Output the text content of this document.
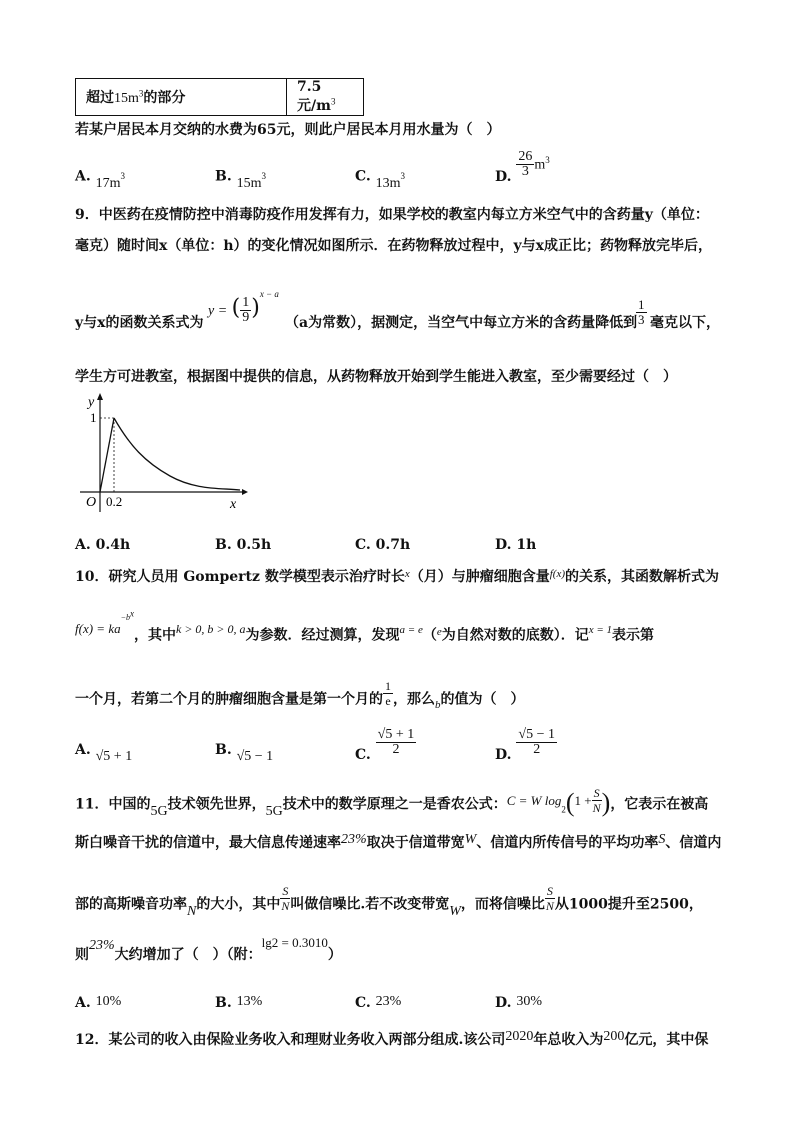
超过$15m^3$的部分	7.5 元$/m^3$
若某户居民本月交纳的水费为65元，则此户居民本月用水量为（　）
A. $17m^3$	B. $15m^3$	C. $13m^3$	D. $\frac{26}{3} m^3$
9．中医药在疫情防控中消毒防疫作用发挥有力，如果学校的教室内每立方米空气中的含药量y（单位：
毫克）随时间x（单位：h）的变化情况如图所示．在药物释放过程中，y与x成正比；药物释放完毕后，
y与x的函数关系式为
y = ( $\frac{1}{9} )^{x - a}$
（a为常数），据测定，当空气中每立方米的含药量降低到
$\frac{1}{3}$ 毫克以下，
学生方可进教室，根据图中提供的信息，从药物释放开始到学生能进入教室，至少需要经过（　）
y
1
O 0.2	x
A. 0.4h	B. 0.5h	C. 0.7h	D. 1h
10．研究人员用 Gompertz 数学模型表示治疗时长$^x$（月）与肿瘤细胞含量$^{f(x)}$的关系，其函数解析式为
$f(x) = ka^{-b^x}$，其中k > 0, b > 0, a为参数．经过测算，发现$^{a = e}$（$^e$为自然对数的底数）．记$^{x = 1}$表示第
一个月，若第二个月的肿瘤细胞含量是第一个月的 $\frac{1}{e}$ ，那么$_b$的值为（　）
A. √5 + 1	B. √5 − 1	C. $\frac{√5 + 1}{2}$	D. $\frac{√5 - 1}{2}$
11．中国的5G技术领先世界，5G技术中的数学原理之一是香农公式：C = W $\log_2(1 + \frac{S}{N}$ )，它表示在被高
斯白噪音干扰的信道中，最大信息传递速率23%取决于信道带宽W、信道内所传信号的平均功率S、信道内
部的高斯噪音功率N的大小，其中 $\frac{S}{N}$ 叫做信噪比.若不改变带宽W，而将信噪比 $\frac{S}{N}$ 从1000提升至2500，
则23%大约增加了（　）（附：lg2 = 0.3010）
A. 10%	B. 13%	C. 23%	D. 30%
12．某公司的收入由保险业务收入和理财业务收入两部分组成.该公司2020年总收入为200亿元，其中保
